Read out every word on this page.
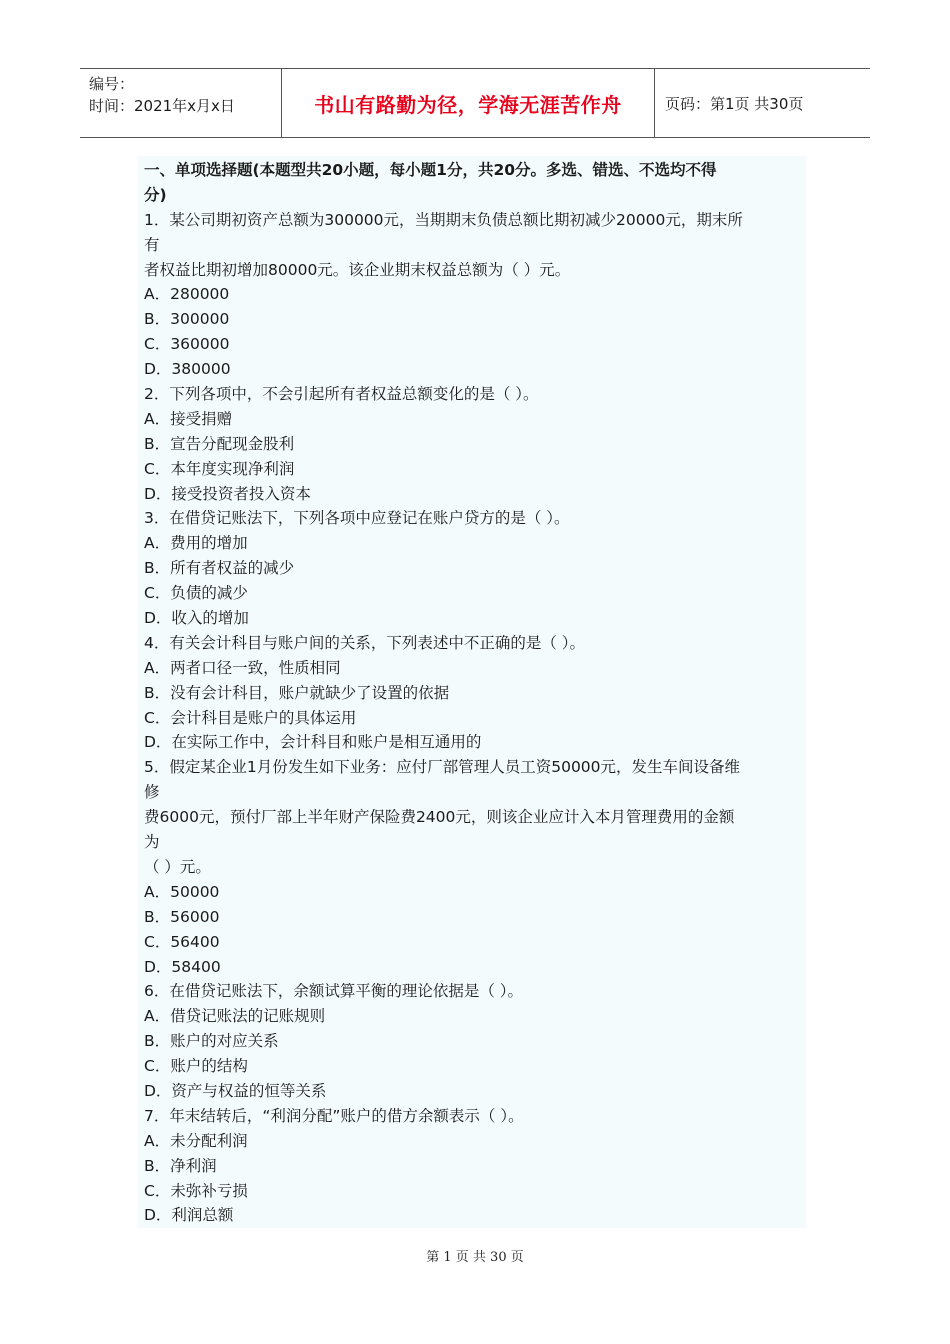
编号：
时间：2021年x月x日	书山有路勤为径，学海无涯苦作舟	页码：第1页 共30页
一、单项选择题(本题型共20小题，每小题1分，共20分。多选、错选、不选均不得
分)
1．某公司期初资产总额为300000元，当期期末负债总额比期初减少20000元，期末所
有
者权益比期初增加80000元。该企业期末权益总额为（ ）元。
A．280000
B．300000
C．360000
D．380000
2．下列各项中，不会引起所有者权益总额变化的是（ ）。
A．接受捐赠
B．宣告分配现金股利
C．本年度实现净利润
D．接受投资者投入资本
3．在借贷记账法下，下列各项中应登记在账户贷方的是（ ）。
A．费用的增加
B．所有者权益的减少
C．负债的减少
D．收入的增加
4．有关会计科目与账户间的关系，下列表述中不正确的是（ ）。
A．两者口径一致，性质相同
B．没有会计科目，账户就缺少了设置的依据
C．会计科目是账户的具体运用
D．在实际工作中，会计科目和账户是相互通用的
5．假定某企业1月份发生如下业务：应付厂部管理人员工资50000元，发生车间设备维
修
费6000元，预付厂部上半年财产保险费2400元，则该企业应计入本月管理费用的金额
为
（ ）元。
A．50000
B．56000
C．56400
D．58400
6．在借贷记账法下，余额试算平衡的理论依据是（ ）。
A．借贷记账法的记账规则
B．账户的对应关系
C．账户的结构
D．资产与权益的恒等关系
7．年末结转后，“利润分配”账户的借方余额表示（ ）。
A．未分配利润
B．净利润
C．未弥补亏损
D．利润总额
第 1 页 共 30 页
